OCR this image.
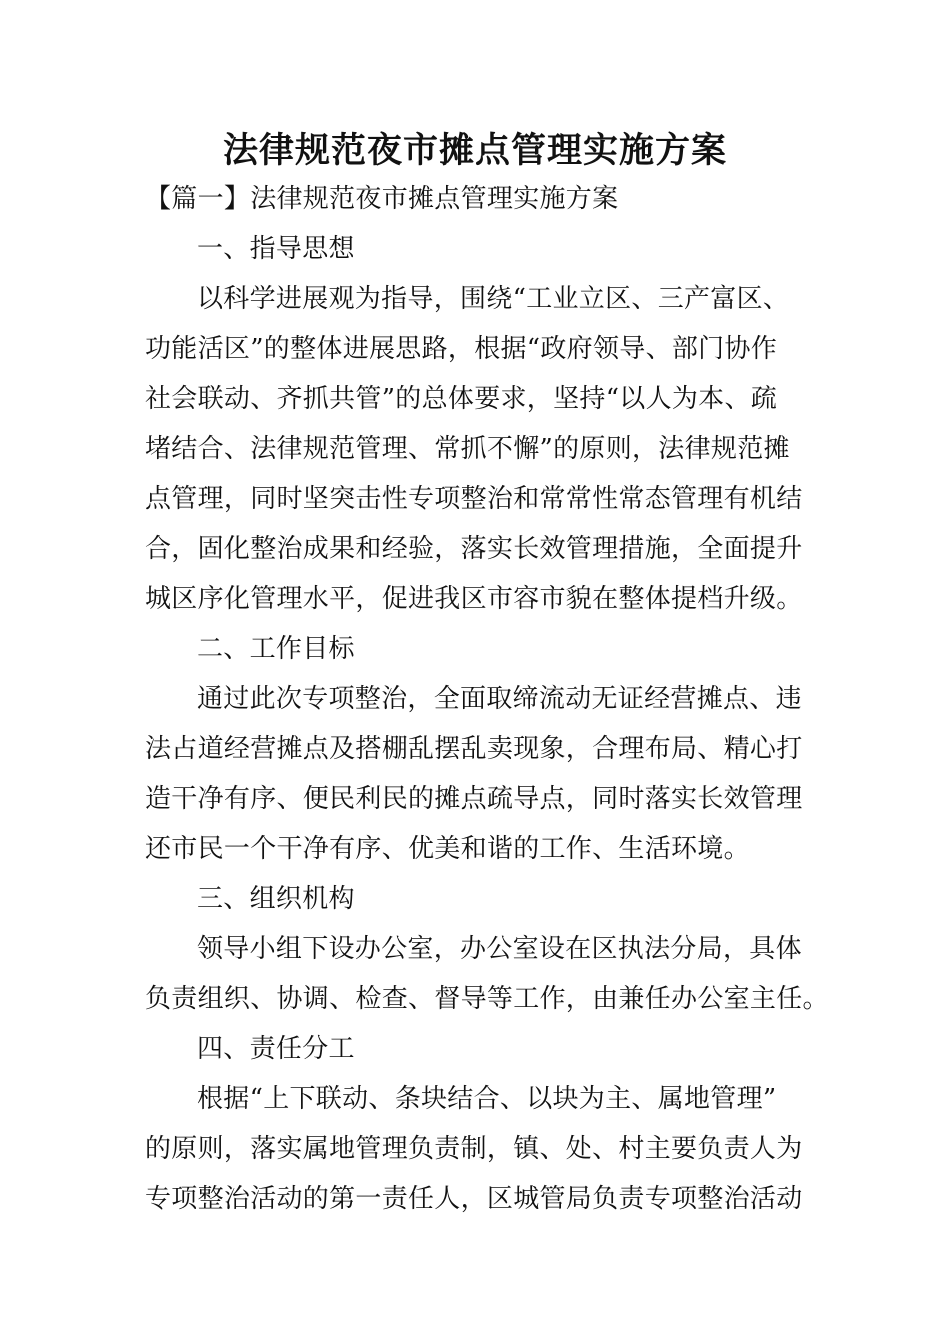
法律规范夜市摊点管理实施方案
【篇一】法律规范夜市摊点管理实施方案
一、指导思想
以科学进展观为指导，围绕“工业立区、三产富区、
功能活区”的整体进展思路，根据“政府领导、部门协作
社会联动、齐抓共管”的总体要求，坚持“以人为本、疏
堵结合、法律规范管理、常抓不懈”的原则，法律规范摊
点管理，同时坚突击性专项整治和常常性常态管理有机结
合，固化整治成果和经验，落实长效管理措施，全面提升
城区序化管理水平，促进我区市容市貌在整体提档升级。
二、工作目标
通过此次专项整治，全面取缔流动无证经营摊点、违
法占道经营摊点及搭棚乱摆乱卖现象，合理布局、精心打
造干净有序、便民利民的摊点疏导点，同时落实长效管理
还市民一个干净有序、优美和谐的工作、生活环境。
三、组织机构
领导小组下设办公室，办公室设在区执法分局，具体
负责组织、协调、检查、督导等工作，由兼任办公室主任。
四、责任分工
根据“上下联动、条块结合、以块为主、属地管理”
的原则，落实属地管理负责制，镇、处、村主要负责人为
专项整治活动的第一责任人，区城管局负责专项整治活动
